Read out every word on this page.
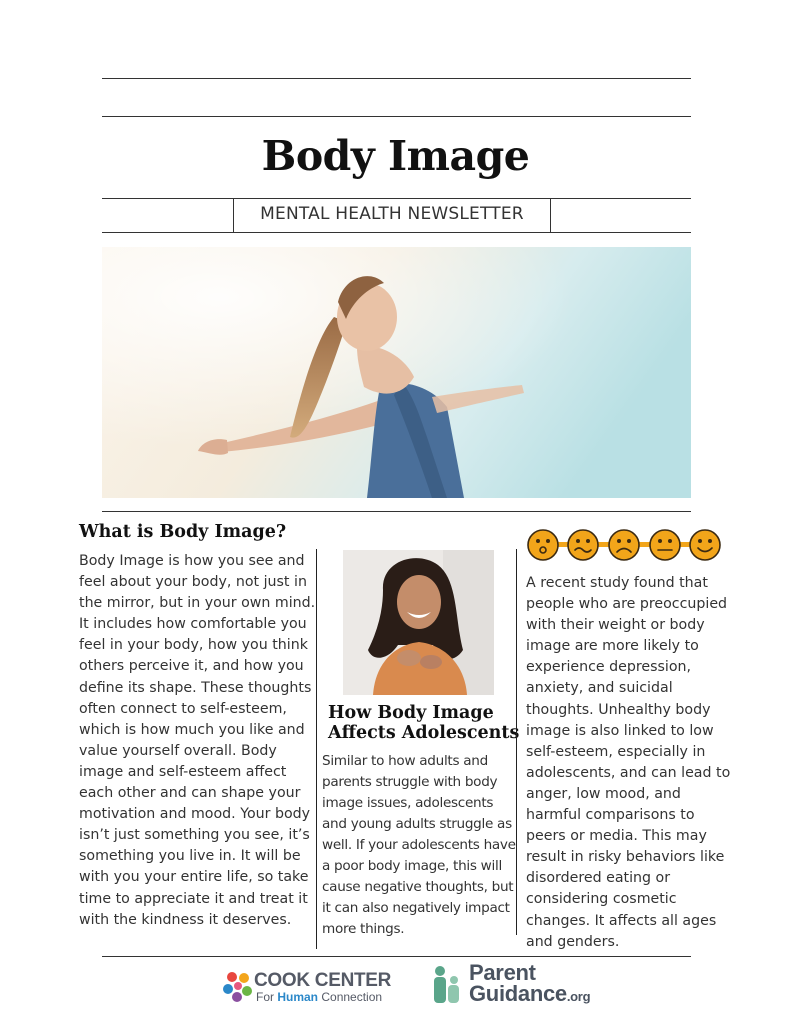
Body Image
MENTAL HEALTH NEWSLETTER
What is Body Image?

Body Image is how you see and feel about your body, not just in the mirror, but in your own mind. It includes how comfortable you feel in your body, how you think others perceive it, and how you define its shape. These thoughts often connect to self-esteem, which is how much you like and value yourself overall. Body image and self-esteem affect each other and can shape your motivation and mood. Your body isn’t just something you see, it’s something you live in. It will be with you your entire life, so take time to appreciate it and treat it with the kindness it deserves.

How Body Image
Affects Adolescents

Similar to how adults and parents struggle with body image issues, adolescents and young adults struggle as well. If your adolescents have a poor body image, this will cause negative thoughts, but it can also negatively impact more things.

A recent study found that people who are preoccupied with their weight or body image are more likely to experience depression, anxiety, and suicidal thoughts. Unhealthy body image is also linked to low self-esteem, especially in adolescents, and can lead to anger, low mood, and harmful comparisons to peers or media. This may result in risky behaviors like disordered eating or considering cosmetic changes. It affects all ages and genders.

COOK CENTER
For Human Connection
Parent
Guidance.org
